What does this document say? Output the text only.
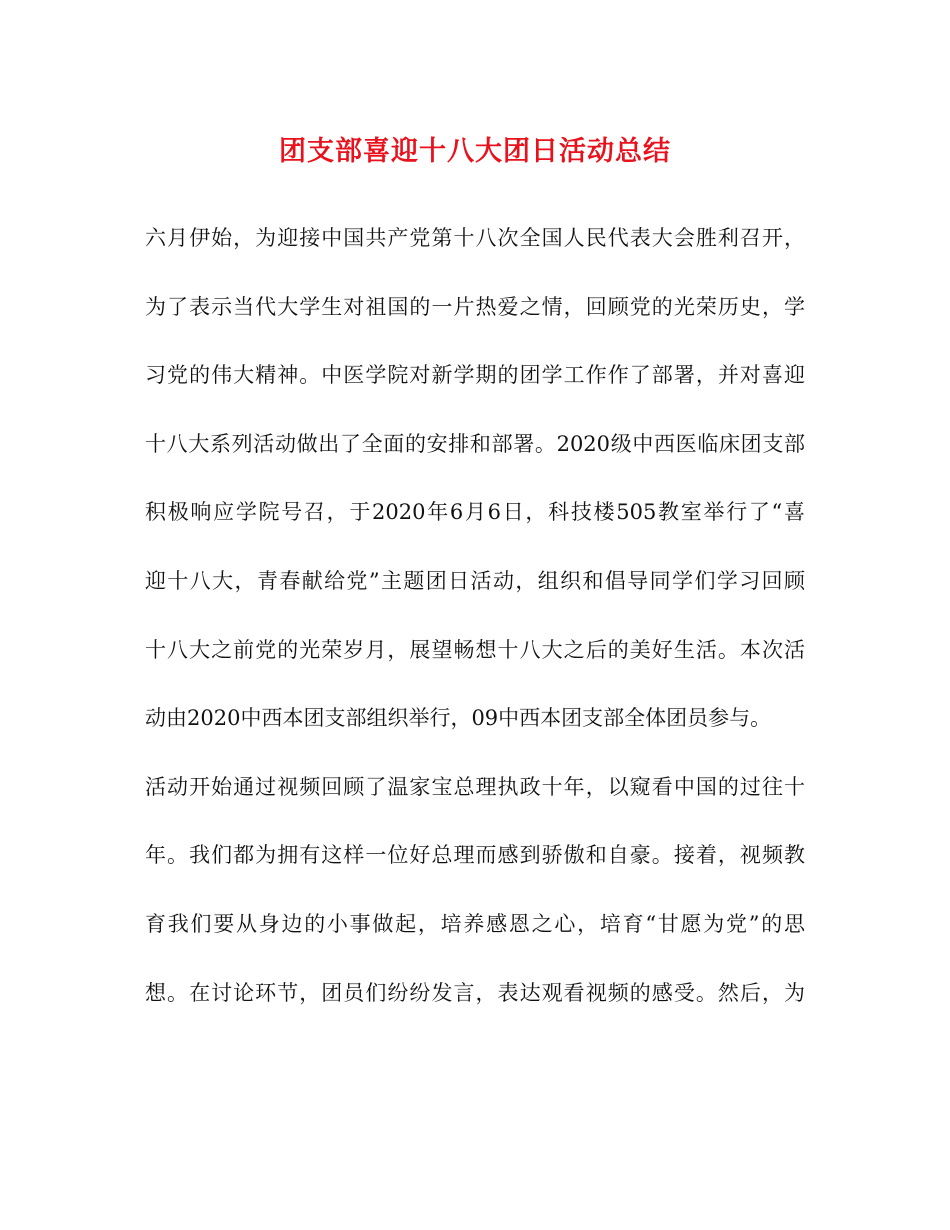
团支部喜迎十八大团日活动总结
六月伊始，为迎接中国共产党第十八次全国人民代表大会胜利召开，
为了表示当代大学生对祖国的一片热爱之情，回顾党的光荣历史，学
习党的伟大精神。中医学院对新学期的团学工作作了部署，并对喜迎
十八大系列活动做出了全面的安排和部署。2020级中西医临床团支部
积极响应学院号召，于2020年6月6日，科技楼505教室举行了“喜
迎十八大，青春献给党”主题团日活动，组织和倡导同学们学习回顾
十八大之前党的光荣岁月，展望畅想十八大之后的美好生活。本次活
动由2020中西本团支部组织举行，09中西本团支部全体团员参与。
活动开始通过视频回顾了温家宝总理执政十年，以窥看中国的过往十
年。我们都为拥有这样一位好总理而感到骄傲和自豪。接着，视频教
育我们要从身边的小事做起，培养感恩之心，培育“甘愿为党”的思
想。在讨论环节，团员们纷纷发言，表达观看视频的感受。然后，为
